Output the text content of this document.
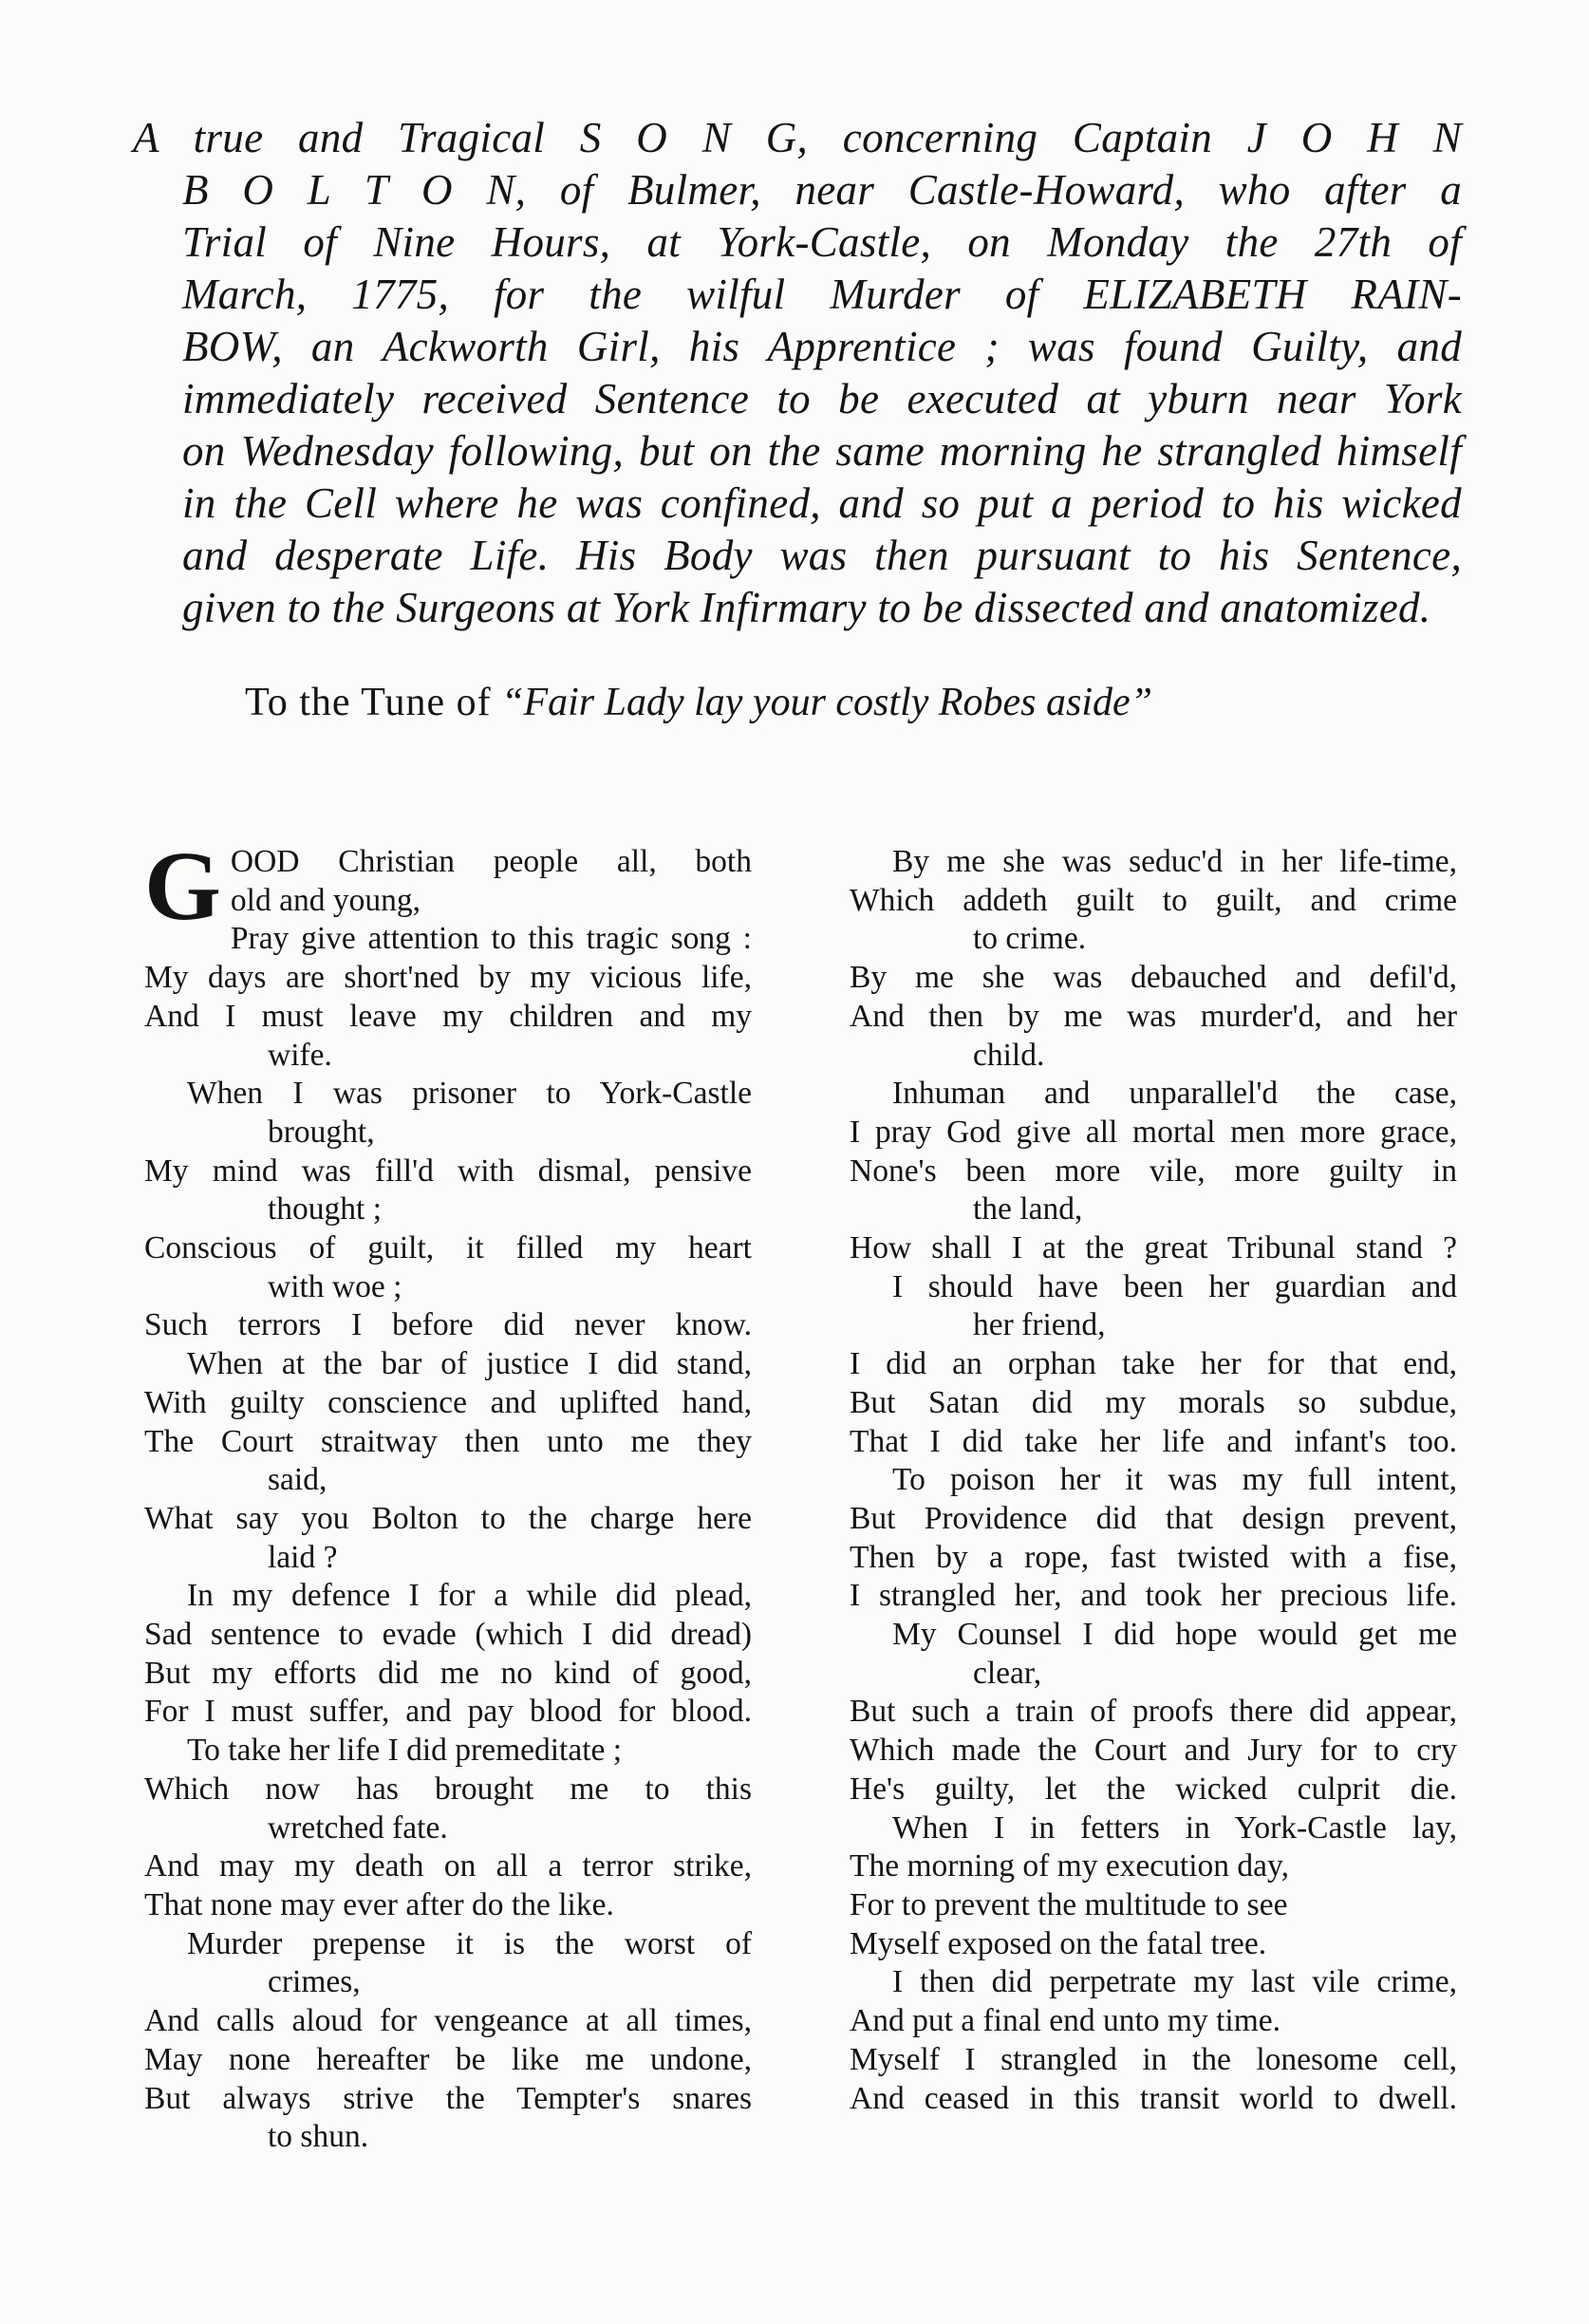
A true and Tragical S O N G, concerning Captain J O H N
B O L T O N, of Bulmer, near Castle-Howard, who after a
Trial of Nine Hours, at York-Castle, on Monday the 27th of
March, 1775, for the wilful Murder of ELIZABETH RAIN-
BOW, an Ackworth Girl, his Apprentice ; was found Guilty, and
immediately received Sentence to be executed at yburn near York
on Wednesday following, but on the same morning he strangled himself
in the Cell where he was confined, and so put a period to his wicked
and desperate Life. His Body was then pursuant to his Sentence,
given to the Surgeons at York Infirmary to be dissected and anatomized.
To the Tune of “Fair Lady lay your costly Robes aside”
G OOD Christian people all, both
old and young,
Pray give attention to this tragic song :
My days are short'ned by my vicious life,
And I must leave my children and my
wife.
When I was prisoner to York-Castle
brought,
My mind was fill'd with dismal, pensive
thought ;
Conscious of guilt, it filled my heart
with woe ;
Such terrors I before did never know.
When at the bar of justice I did stand,
With guilty conscience and uplifted hand,
The Court straitway then unto me they
said,
What say you Bolton to the charge here
laid ?
In my defence I for a while did plead,
Sad sentence to evade (which I did dread)
But my efforts did me no kind of good,
For I must suffer, and pay blood for blood.
To take her life I did premeditate ;
Which now has brought me to this
wretched fate.
And may my death on all a terror strike,
That none may ever after do the like.
Murder prepense it is the worst of
crimes,
And calls aloud for vengeance at all times,
May none hereafter be like me undone,
But always strive the Tempter's snares
to shun.
By me she was seduc'd in her life-time,
Which addeth guilt to guilt, and crime
to crime.
By me she was debauched and defil'd,
And then by me was murder'd, and her
child.
Inhuman and unparallel'd the case,
I pray God give all mortal men more grace,
None's been more vile, more guilty in
the land,
How shall I at the great Tribunal stand ?
I should have been her guardian and
her friend,
I did an orphan take her for that end,
But Satan did my morals so subdue,
That I did take her life and infant's too.
To poison her it was my full intent,
But Providence did that design prevent,
Then by a rope, fast twisted with a fise,
I strangled her, and took her precious life.
My Counsel I did hope would get me
clear,
But such a train of proofs there did appear,
Which made the Court and Jury for to cry
He's guilty, let the wicked culprit die.
When I in fetters in York-Castle lay,
The morning of my execution day,
For to prevent the multitude to see
Myself exposed on the fatal tree.
I then did perpetrate my last vile crime,
And put a final end unto my time.
Myself I strangled in the lonesome cell,
And ceased in this transit world to dwell.
